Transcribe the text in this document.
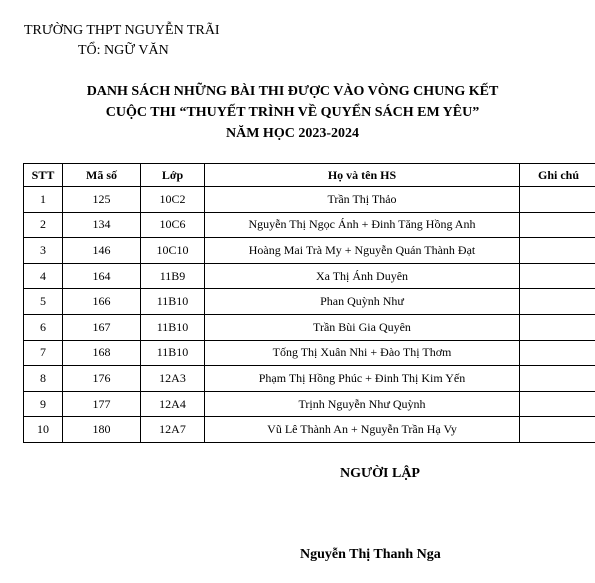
TRƯỜNG THPT NGUYỄN TRÃI
TỔ: NGỮ VĂN
DANH SÁCH NHỮNG BÀI THI ĐƯỢC VÀO VÒNG CHUNG KẾT
CUỘC THI “THUYẾT TRÌNH VỀ QUYỂN SÁCH EM YÊU”
NĂM HỌC 2023-2024
STT	Mã số	Lớp	Họ và tên HS	Ghi chú
1	125	10C2	Trần Thị Thảo	
2	134	10C6	Nguyễn Thị Ngọc Ánh + Đinh Tăng Hồng Anh	
3	146	10C10	Hoàng Mai Trà My + Nguyễn Quán Thành Đạt	
4	164	11B9	Xa Thị Ánh Duyên	
5	166	11B10	Phan Quỳnh Như	
6	167	11B10	Trần Bùi Gia Quyên	
7	168	11B10	Tống Thị Xuân Nhi + Đào Thị Thơm	
8	176	12A3	Phạm Thị Hồng Phúc + Đinh Thị Kim Yến	
9	177	12A4	Trịnh Nguyễn Như Quỳnh	
10	180	12A7	Vũ Lê Thành An + Nguyễn Trần Hạ Vy	
NGƯỜI LẬP
Nguyễn Thị Thanh Nga
